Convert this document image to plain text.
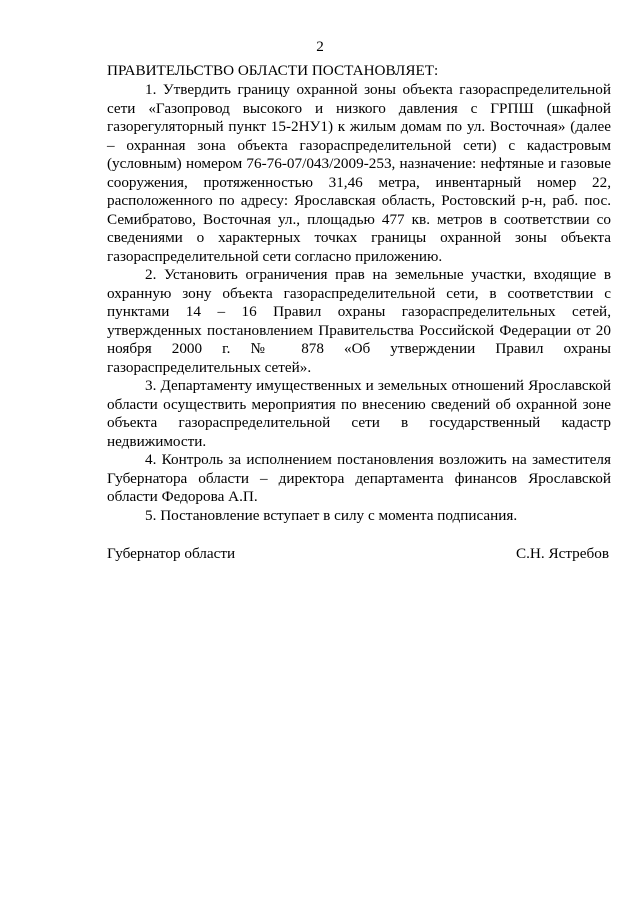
2
ПРАВИТЕЛЬСТВО ОБЛАСТИ ПОСТАНОВЛЯЕТ:

1. Утвердить границу охранной зоны объекта газораспределительной сети «Газопровод высокого и низкого давления с ГРПШ (шкафной газорегуляторный пункт 15-2НУ1) к жилым домам по ул. Восточная» (далее – охранная зона объекта газораспределительной сети) с кадастровым (условным) номером 76-76-07/043/2009-253, назначение: нефтяные и газовые сооружения, протяженностью 31,46 метра, инвентарный номер 22, расположенного по адресу: Ярославская область, Ростовский р-н, раб. пос. Семибратово, Восточная ул., площадью 477 кв. метров в соответствии со сведениями о характерных точках границы охранной зоны объекта газораспределительной сети согласно приложению.

2. Установить ограничения прав на земельные участки, входящие в охранную зону объекта газораспределительной сети, в соответствии с пунктами 14 – 16 Правил охраны газораспределительных сетей, утвержденных постановлением Правительства Российской Федерации от 20 ноября 2000 г. № 878 «Об утверждении Правил охраны газораспределительных сетей».

3. Департаменту имущественных и земельных отношений Ярославской области осуществить мероприятия по внесению сведений об охранной зоне объекта газораспределительной сети в государственный кадастр недвижимости.

4. Контроль за исполнением постановления возложить на заместителя Губернатора области – директора департамента финансов Ярославской области Федорова А.П.

5. Постановление вступает в силу с момента подписания.

Губернатор области	С.Н. Ястребов
